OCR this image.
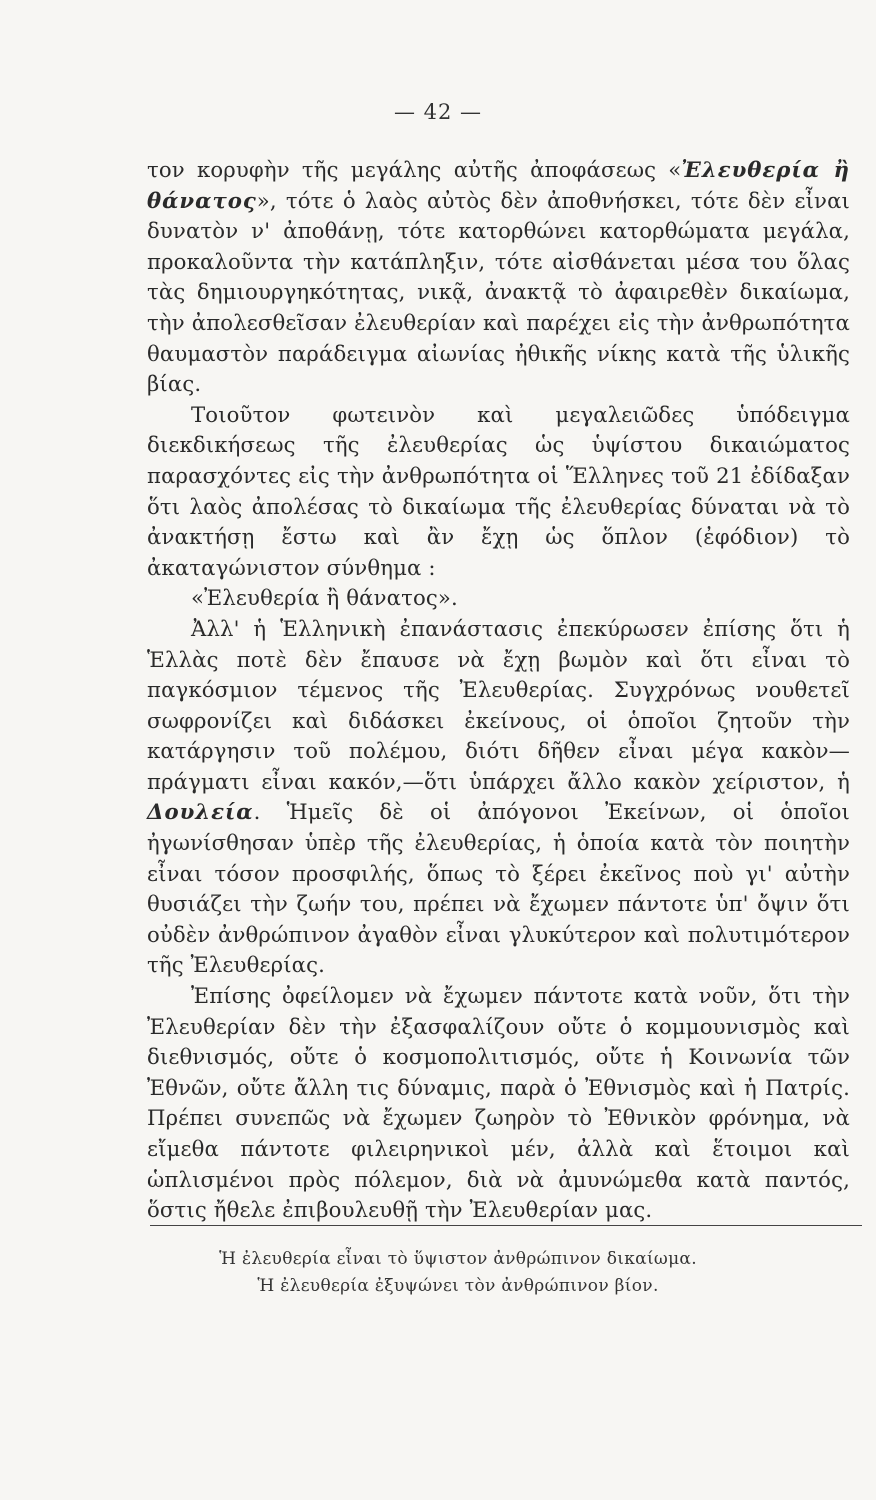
— 42 —

τον κορυφὴν τῆς μεγάλης αὐτῆς ἀποφάσεως «Ἐλευθερία ἢ θάνατος», τότε ὁ λαὸς αὐτὸς δὲν ἀποθνήσκει, τότε δὲν εἶναι δυνατὸν ν' ἀποθάνῃ, τότε κατορθώνει κατορθώματα μεγάλα, προκαλοῦντα τὴν κατάπληξιν, τότε αἰσθάνεται μέσα του ὅλας τὰς δημιουργηκότητας, νικᾷ, ἀνακτᾷ τὸ ἀφαιρεθὲν δικαίωμα, τὴν ἀπολεσθεῖσαν ἐλευθερίαν καὶ παρέχει εἰς τὴν ἀνθρωπότητα θαυμαστὸν παράδειγμα αἰωνίας ἠθικῆς νίκης κατὰ τῆς ὑλικῆς βίας.

Τοιοῦτον φωτεινὸν καὶ μεγαλειῶδες ὑπόδειγμα διεκδικήσεως τῆς ἐλευθερίας ὡς ὑψίστου δικαιώματος παρασχόντες εἰς τὴν ἀνθρωπότητα οἱ Ἕλληνες τοῦ 21 ἐδίδαξαν ὅτι λαὸς ἀπολέσας τὸ δικαίωμα τῆς ἐλευθερίας δύναται νὰ τὸ ἀνακτήσῃ ἔστω καὶ ἂν ἔχῃ ὡς ὅπλον (ἐφόδιον) τὸ ἀκαταγώνιστον σύνθημα :

«Ἐλευθερία ἢ θάνατος».

Ἀλλ' ἡ Ἑλληνικὴ ἐπανάστασις ἐπεκύρωσεν ἐπίσης ὅτι ἡ Ἑλλὰς ποτὲ δὲν ἔπαυσε νὰ ἔχῃ βωμὸν καὶ ὅτι εἶναι τὸ παγκόσμιον τέμενος τῆς Ἐλευθερίας. Συγχρόνως νουθετεῖ σωφρονίζει καὶ διδάσκει ἐκείνους, οἱ ὁποῖοι ζητοῦν τὴν κατάργησιν τοῦ πολέμου, διότι δῆθεν εἶναι μέγα κακὸν—πράγματι εἶναι κακόν,—ὅτι ὑπάρχει ἄλλο κακὸν χείριστον, ἡ Δουλεία. Ἡμεῖς δὲ οἱ ἀπόγονοι Ἐκείνων, οἱ ὁποῖοι ἠγωνίσθησαν ὑπὲρ τῆς ἐλευθερίας, ἡ ὁποία κατὰ τὸν ποιητὴν εἶναι τόσον προσφιλής, ὅπως τὸ ξέρει ἐκεῖνος ποὺ γι' αὐτὴν θυσιάζει τὴν ζωήν του, πρέπει νὰ ἔχωμεν πάντοτε ὑπ' ὄψιν ὅτι οὐδὲν ἀνθρώπινον ἀγαθὸν εἶναι γλυκύτερον καὶ πολυτιμότερον τῆς Ἐλευθερίας.

Ἐπίσης ὀφείλομεν νὰ ἔχωμεν πάντοτε κατὰ νοῦν, ὅτι τὴν Ἐλευθερίαν δὲν τὴν ἐξασφαλίζουν οὔτε ὁ κομμουνισμὸς καὶ διεθνισμός, οὔτε ὁ κοσμοπολιτισμός, οὔτε ἡ Κοινωνία τῶν Ἐθνῶν, οὔτε ἄλλη τις δύναμις, παρὰ ὁ Ἐθνισμὸς καὶ ἡ Πατρίς. Πρέπει συνεπῶς νὰ ἔχωμεν ζωηρὸν τὸ Ἐθνικὸν φρόνημα, νὰ εἴμεθα πάντοτε φιλειρηνικοὶ μέν, ἀλλὰ καὶ ἕτοιμοι καὶ ὡπλισμένοι πρὸς πόλεμον, διὰ νὰ ἀμυνώμεθα κατὰ παντός, ὅστις ἤθελε ἐπιβουλευθῇ τὴν Ἐλευθερίαν μας.

Ἡ ἐλευθερία εἶναι τὸ ὕψιστον ἀνθρώπινον δικαίωμα.
Ἡ ἐλευθερία ἐξυψώνει τὸν ἀνθρώπινον βίον.
